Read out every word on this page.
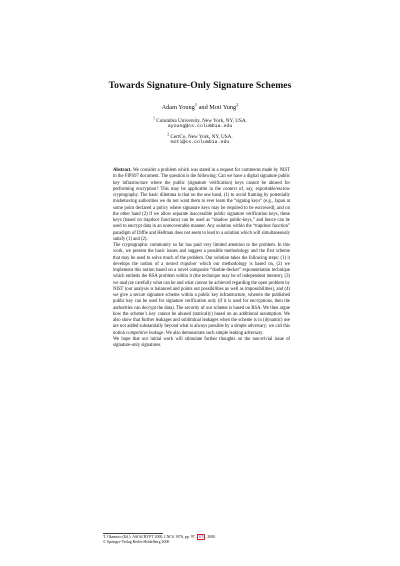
Towards Signature-Only Signature Schemes
Adam Young$^1$ and Moti Yung$^2$
$^1$ Columbia University, New York, NY, USA.
ayoung@cs.columbia.edu
$^2$ CertCo, New York, NY, USA.
moti@cs.columbia.edu

Abstract. We consider a problem which was stated in a request for comments made by NIST in the FIPS97 document. The question is the following: Can we have a digital signature public key infrastructure where the public (signature verification) keys cannot be abused for performing encryption? This may be applicable in the context of, say, exportable/escrow cryptography. The basic dilemma is that on the one hand, (1) to avoid framing by potentially misbehaving authorities we do not want them to ever learn the “signing keys” (e.g., Japan at some point declared a policy where signature keys may be required to be escrowed), and on the other hand (2) if we allow separate inaccessible public signature verification keys, these keys (based on trapdoor functions) can be used as “shadow public-keys,” and hence can be used to encrypt data in an unrecoverable manner. Any solution within the “trapdoor function” paradigm of Diffie and Hellman does not seem to lead to a solution which will simultaneously satisfy (1) and (2).

The cryptographic community so far has paid very limited attention to the problem. In this work, we present the basic issues and suggest a possible methodology and the first scheme that may be used to solve much of the problem. Our solution takes the following steps: (1) it develops the notion of a nested trapdoor which our methodology is based on, (2) we implement this notion based on a novel composite “double-decker” exponentiation technique which embeds the RSA problem within it (the technique may be of independent interest), (3) we analyze carefully what can be and what cannot be achieved regarding the open problem by NIST (our analysis is balanced and points out possibilities as well as impossibilities), and (4) we give a secure signature scheme within a public key infrastructure, wherein the published public key can be used for signature verification only (if it is used for encryptions, then the authorities can decrypt the data). The security of our scheme is based on RSA. We then argue how the scheme’s key cannot be abused (statically) based on an additional assumption. We also show that further leakages and subliminal leakages when the scheme is in (dynamic) use are not added substantially beyond what is always possible by a simple adversary; we call this notion competitive leakage. We also demonstrate such simple leaking adversary.

We hope that our initial work will stimulate further thoughts on the non-trivial issue of signature-only signatures.

T. Okamoto (Ed.): ASIACRYPT 2000, LNCS 1976, pp. 97– 115 , 2000.
© Springer-Verlag Berlin Heidelberg 2000
